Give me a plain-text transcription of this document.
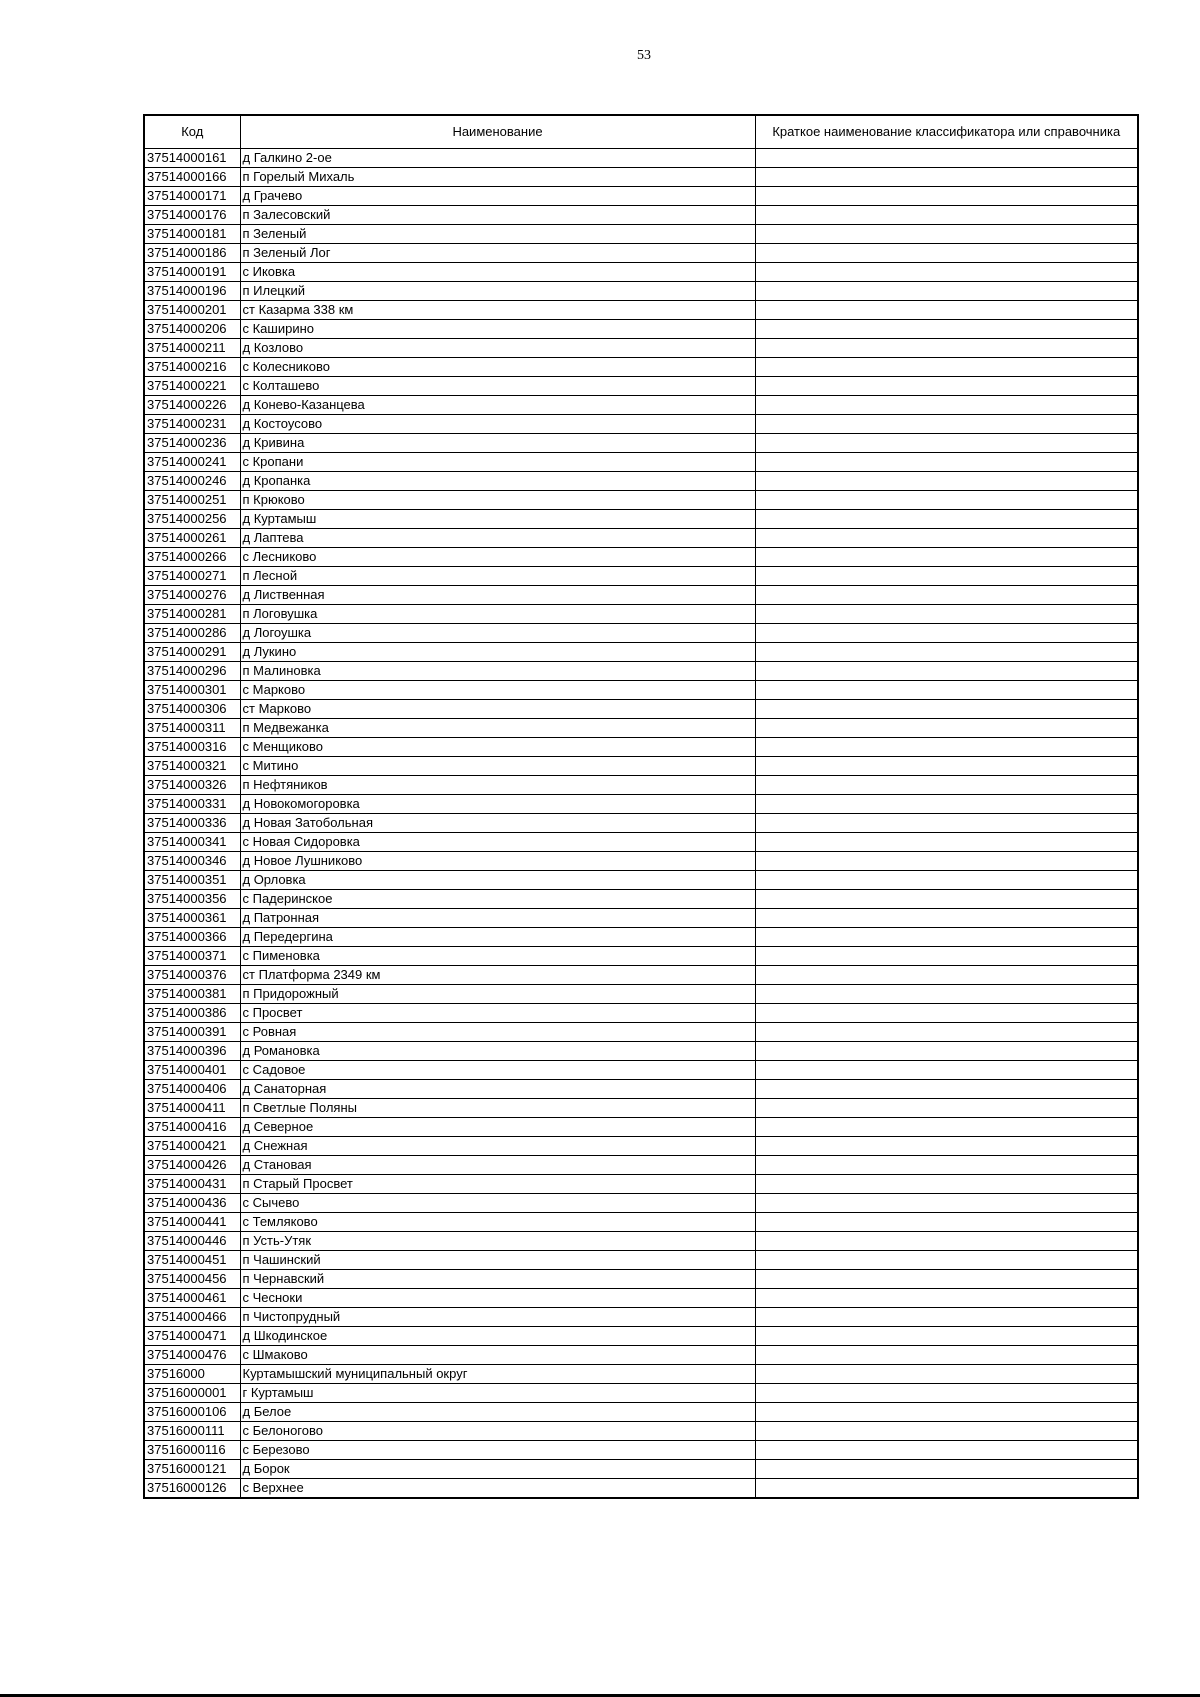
53
Код	Наименование	Краткое наименование классификатора или справочника
37514000161	д Галкино 2-ое	
37514000166	п Горелый Михаль	
37514000171	д Грачево	
37514000176	п Залесовский	
37514000181	п Зеленый	
37514000186	п Зеленый Лог	
37514000191	с Иковка	
37514000196	п Илецкий	
37514000201	ст Казарма 338 км	
37514000206	с Каширино	
37514000211	д Козлово	
37514000216	с Колесниково	
37514000221	с Колташево	
37514000226	д Конево-Казанцева	
37514000231	д Костоусово	
37514000236	д Кривина	
37514000241	с Кропани	
37514000246	д Кропанка	
37514000251	п Крюково	
37514000256	д Куртамыш	
37514000261	д Лаптева	
37514000266	с Лесниково	
37514000271	п Лесной	
37514000276	д Лиственная	
37514000281	п Логовушка	
37514000286	д Логоушка	
37514000291	д Лукино	
37514000296	п Малиновка	
37514000301	с Марково	
37514000306	ст Марково	
37514000311	п Медвежанка	
37514000316	с Менщиково	
37514000321	с Митино	
37514000326	п Нефтяников	
37514000331	д Новокомогоровка	
37514000336	д Новая Затобольная	
37514000341	с Новая Сидоровка	
37514000346	д Новое Лушниково	
37514000351	д Орловка	
37514000356	с Падеринское	
37514000361	д Патронная	
37514000366	д Передергина	
37514000371	с Пименовка	
37514000376	ст Платформа 2349 км	
37514000381	п Придорожный	
37514000386	с Просвет	
37514000391	с Ровная	
37514000396	д Романовка	
37514000401	с Садовое	
37514000406	д Санаторная	
37514000411	п Светлые Поляны	
37514000416	д Северное	
37514000421	д Снежная	
37514000426	д Становая	
37514000431	п Старый Просвет	
37514000436	с Сычево	
37514000441	с Темляково	
37514000446	п Усть-Утяк	
37514000451	п Чашинский	
37514000456	п Чернавский	
37514000461	с Чесноки	
37514000466	п Чистопрудный	
37514000471	д Шкодинское	
37514000476	с Шмаково	
37516000	Куртамышский муниципальный округ	
37516000001	г Куртамыш	
37516000106	д Белое	
37516000111	с Белоногово	
37516000116	с Березово	
37516000121	д Борок	
37516000126	с Верхнее	
